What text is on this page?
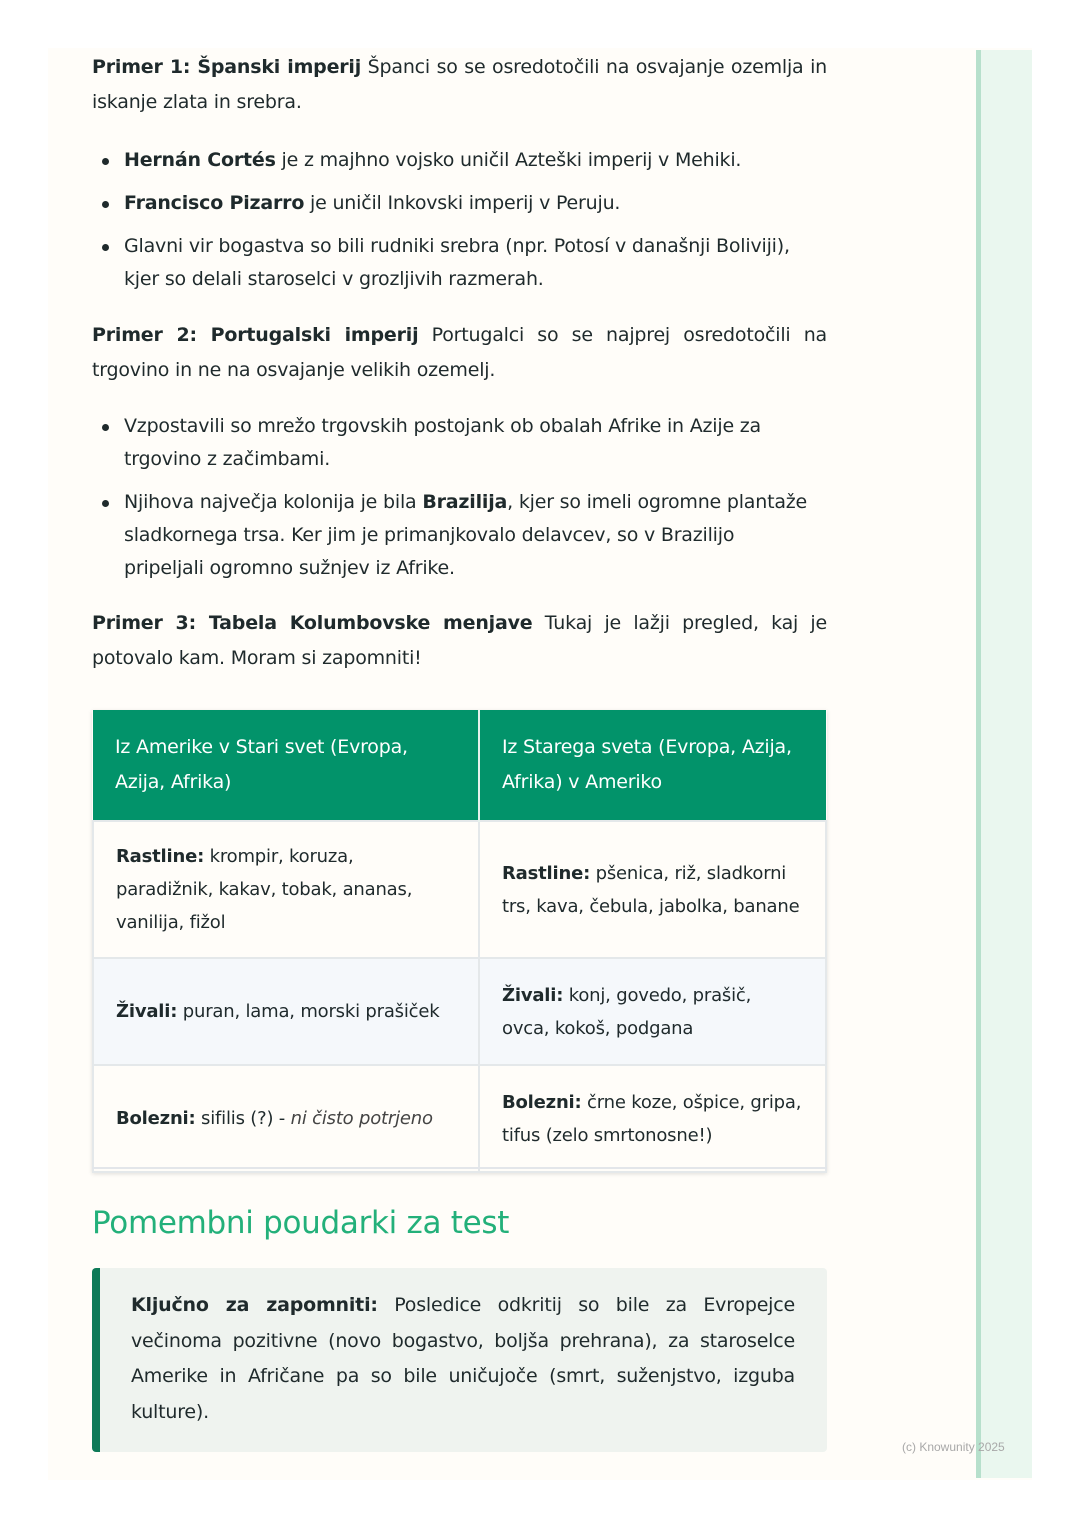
Primer 1: Španski imperij Španci so se osredotočili na osvajanje ozemlja in iskanje zlata in srebra.

Hernán Cortés je z majhno vojsko uničil Azteški imperij v Mehiki.
Francisco Pizarro je uničil Inkovski imperij v Peruju.
Glavni vir bogastva so bili rudniki srebra (npr. Potosí v današnji Boliviji), kjer so delali staroselci v grozljivih razmerah.

Primer 2: Portugalski imperij Portugalci so se najprej osredotočili na trgovino in ne na osvajanje velikih ozemelj.

Vzpostavili so mrežo trgovskih postojank ob obalah Afrike in Azije za trgovino z začimbami.
Njihova največja kolonija je bila Brazilija, kjer so imeli ogromne plantaže sladkornega trsa. Ker jim je primanjkovalo delavcev, so v Brazilijo pripeljali ogromno sužnjev iz Afrike.

Primer 3: Tabela Kolumbovske menjave Tukaj je lažji pregled, kaj je potovalo kam. Moram si zapomniti!

Iz Amerike v Stari svet (Evropa, Azija, Afrika)	Iz Starega sveta (Evropa, Azija, Afrika) v Ameriko
Rastline: krompir, koruza, paradižnik, kakav, tobak, ananas, vanilija, fižol	Rastline: pšenica, riž, sladkorni trs, kava, čebula, jabolka, banane
Živali: puran, lama, morski prašiček	Živali: konj, govedo, prašič, ovca, kokoš, podgana
Bolezni: sifilis (?) - ni čisto potrjeno	Bolezni: črne koze, ošpice, gripa, tifus (zelo smrtonosne!)
Pomembni poudarki za test

Ključno za zapomniti: Posledice odkritij so bile za Evropejce večinoma pozitivne (novo bogastvo, boljša prehrana), za staroselce Amerike in Afričane pa so bile uničujoče (smrt, suženjstvo, izguba kulture).

(c) Knowunity 2025
